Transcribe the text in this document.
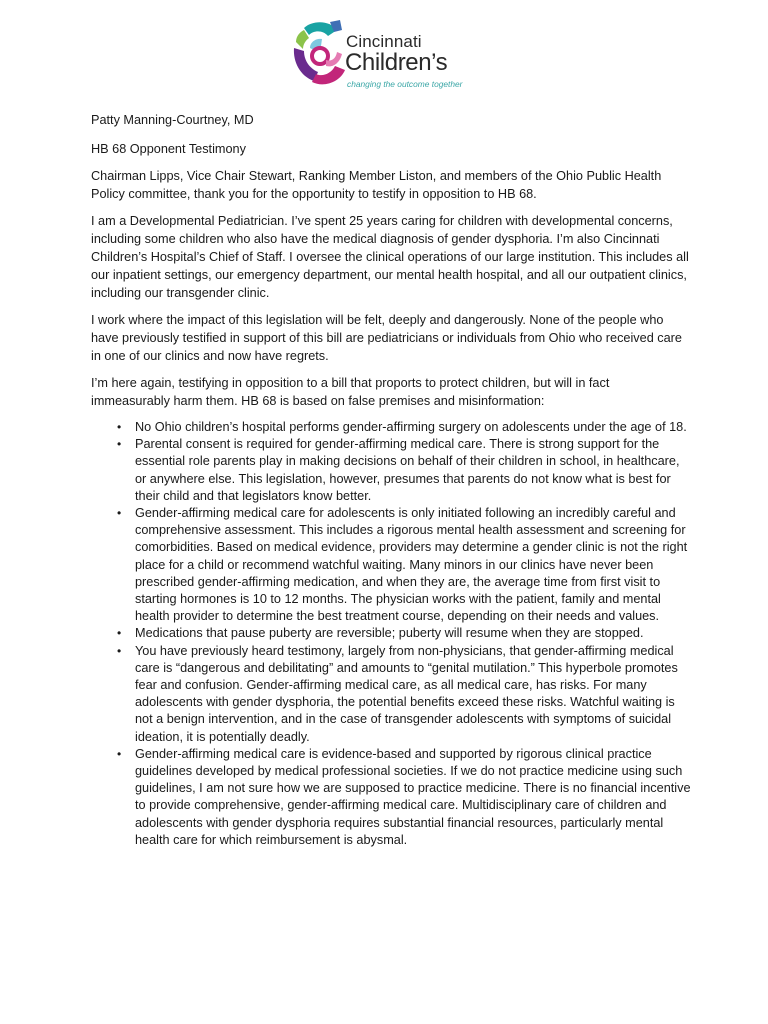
Cincinnati
Children’s
changing the outcome together

Patty Manning-Courtney, MD

HB 68 Opponent Testimony

Chairman Lipps, Vice Chair Stewart, Ranking Member Liston, and members of the Ohio Public Health Policy committee, thank you for the opportunity to testify in opposition to HB 68.

I am a Developmental Pediatrician. I’ve spent 25 years caring for children with developmental concerns, including some children who also have the medical diagnosis of gender dysphoria. I’m also Cincinnati Children’s Hospital’s Chief of Staff. I oversee the clinical operations of our large institution. This includes all our inpatient settings, our emergency department, our mental health hospital, and all our outpatient clinics, including our transgender clinic.

I work where the impact of this legislation will be felt, deeply and dangerously. None of the people who have previously testified in support of this bill are pediatricians or individuals from Ohio who received care in one of our clinics and now have regrets.

I’m here again, testifying in opposition to a bill that proports to protect children, but will in fact immeasurably harm them. HB 68 is based on false premises and misinformation:

• No Ohio children’s hospital performs gender-affirming surgery on adolescents under the age of 18.
• Parental consent is required for gender-affirming medical care. There is strong support for the essential role parents play in making decisions on behalf of their children in school, in healthcare, or anywhere else. This legislation, however, presumes that parents do not know what is best for their child and that legislators know better.
• Gender-affirming medical care for adolescents is only initiated following an incredibly careful and comprehensive assessment. This includes a rigorous mental health assessment and screening for comorbidities. Based on medical evidence, providers may determine a gender clinic is not the right place for a child or recommend watchful waiting. Many minors in our clinics have never been prescribed gender-affirming medication, and when they are, the average time from first visit to starting hormones is 10 to 12 months. The physician works with the patient, family and mental health provider to determine the best treatment course, depending on their needs and values.
• Medications that pause puberty are reversible; puberty will resume when they are stopped.
• You have previously heard testimony, largely from non-physicians, that gender-affirming medical care is “dangerous and debilitating” and amounts to “genital mutilation.” This hyperbole promotes fear and confusion. Gender-affirming medical care, as all medical care, has risks. For many adolescents with gender dysphoria, the potential benefits exceed these risks. Watchful waiting is not a benign intervention, and in the case of transgender adolescents with symptoms of suicidal ideation, it is potentially deadly.
• Gender-affirming medical care is evidence-based and supported by rigorous clinical practice guidelines developed by medical professional societies. If we do not practice medicine using such guidelines, I am not sure how we are supposed to practice medicine. There is no financial incentive to provide comprehensive, gender-affirming medical care. Multidisciplinary care of children and adolescents with gender dysphoria requires substantial financial resources, particularly mental health care for which reimbursement is abysmal.
